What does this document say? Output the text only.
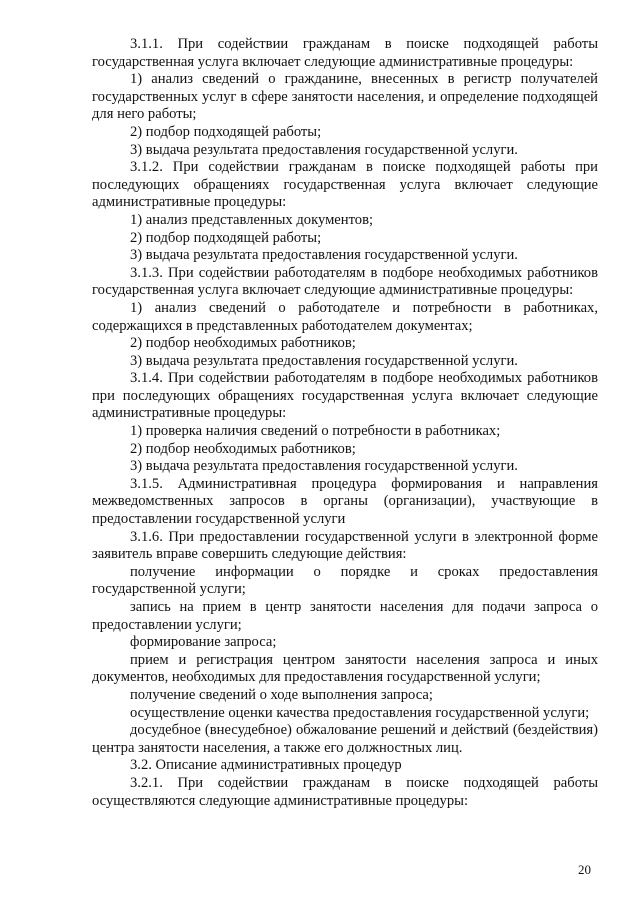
3.1.1. При содействии гражданам в поиске подходящей работы государственная услуга включает следующие административные процедуры:

1) анализ сведений о гражданине, внесенных в регистр получателей государственных услуг в сфере занятости населения, и определение подходящей для него работы;

2) подбор подходящей работы;

3) выдача результата предоставления государственной услуги.

3.1.2. При содействии гражданам в поиске подходящей работы при последующих обращениях государственная услуга включает следующие административные процедуры:

1) анализ представленных документов;

2) подбор подходящей работы;

3) выдача результата предоставления государственной услуги.

3.1.3. При содействии работодателям в подборе необходимых работников государственная услуга включает следующие административные процедуры:

1) анализ сведений о работодателе и потребности в работниках, содержащихся в представленных работодателем документах;

2) подбор необходимых работников;

3) выдача результата предоставления государственной услуги.

3.1.4. При содействии работодателям в подборе необходимых работников при последующих обращениях государственная услуга включает следующие административные процедуры:

1) проверка наличия сведений о потребности в работниках;

2) подбор необходимых работников;

3) выдача результата предоставления государственной услуги.

3.1.5. Административная процедура формирования и направления межведомственных запросов в органы (организации), участвующие в предоставлении государственной услуги

3.1.6. При предоставлении государственной услуги в электронной форме заявитель вправе совершить следующие действия:

получение информации о порядке и сроках предоставления государственной услуги;

запись на прием в центр занятости населения для подачи запроса о предоставлении услуги;

формирование запроса;

прием и регистрация центром занятости населения запроса и иных документов, необходимых для предоставления государственной услуги;

получение сведений о ходе выполнения запроса;

осуществление оценки качества предоставления государственной услуги;

досудебное (внесудебное) обжалование решений и действий (бездействия) центра занятости населения, а также его должностных лиц.

3.2. Описание административных процедур

3.2.1. При содействии гражданам в поиске подходящей работы осуществляются следующие административные процедуры:

20
